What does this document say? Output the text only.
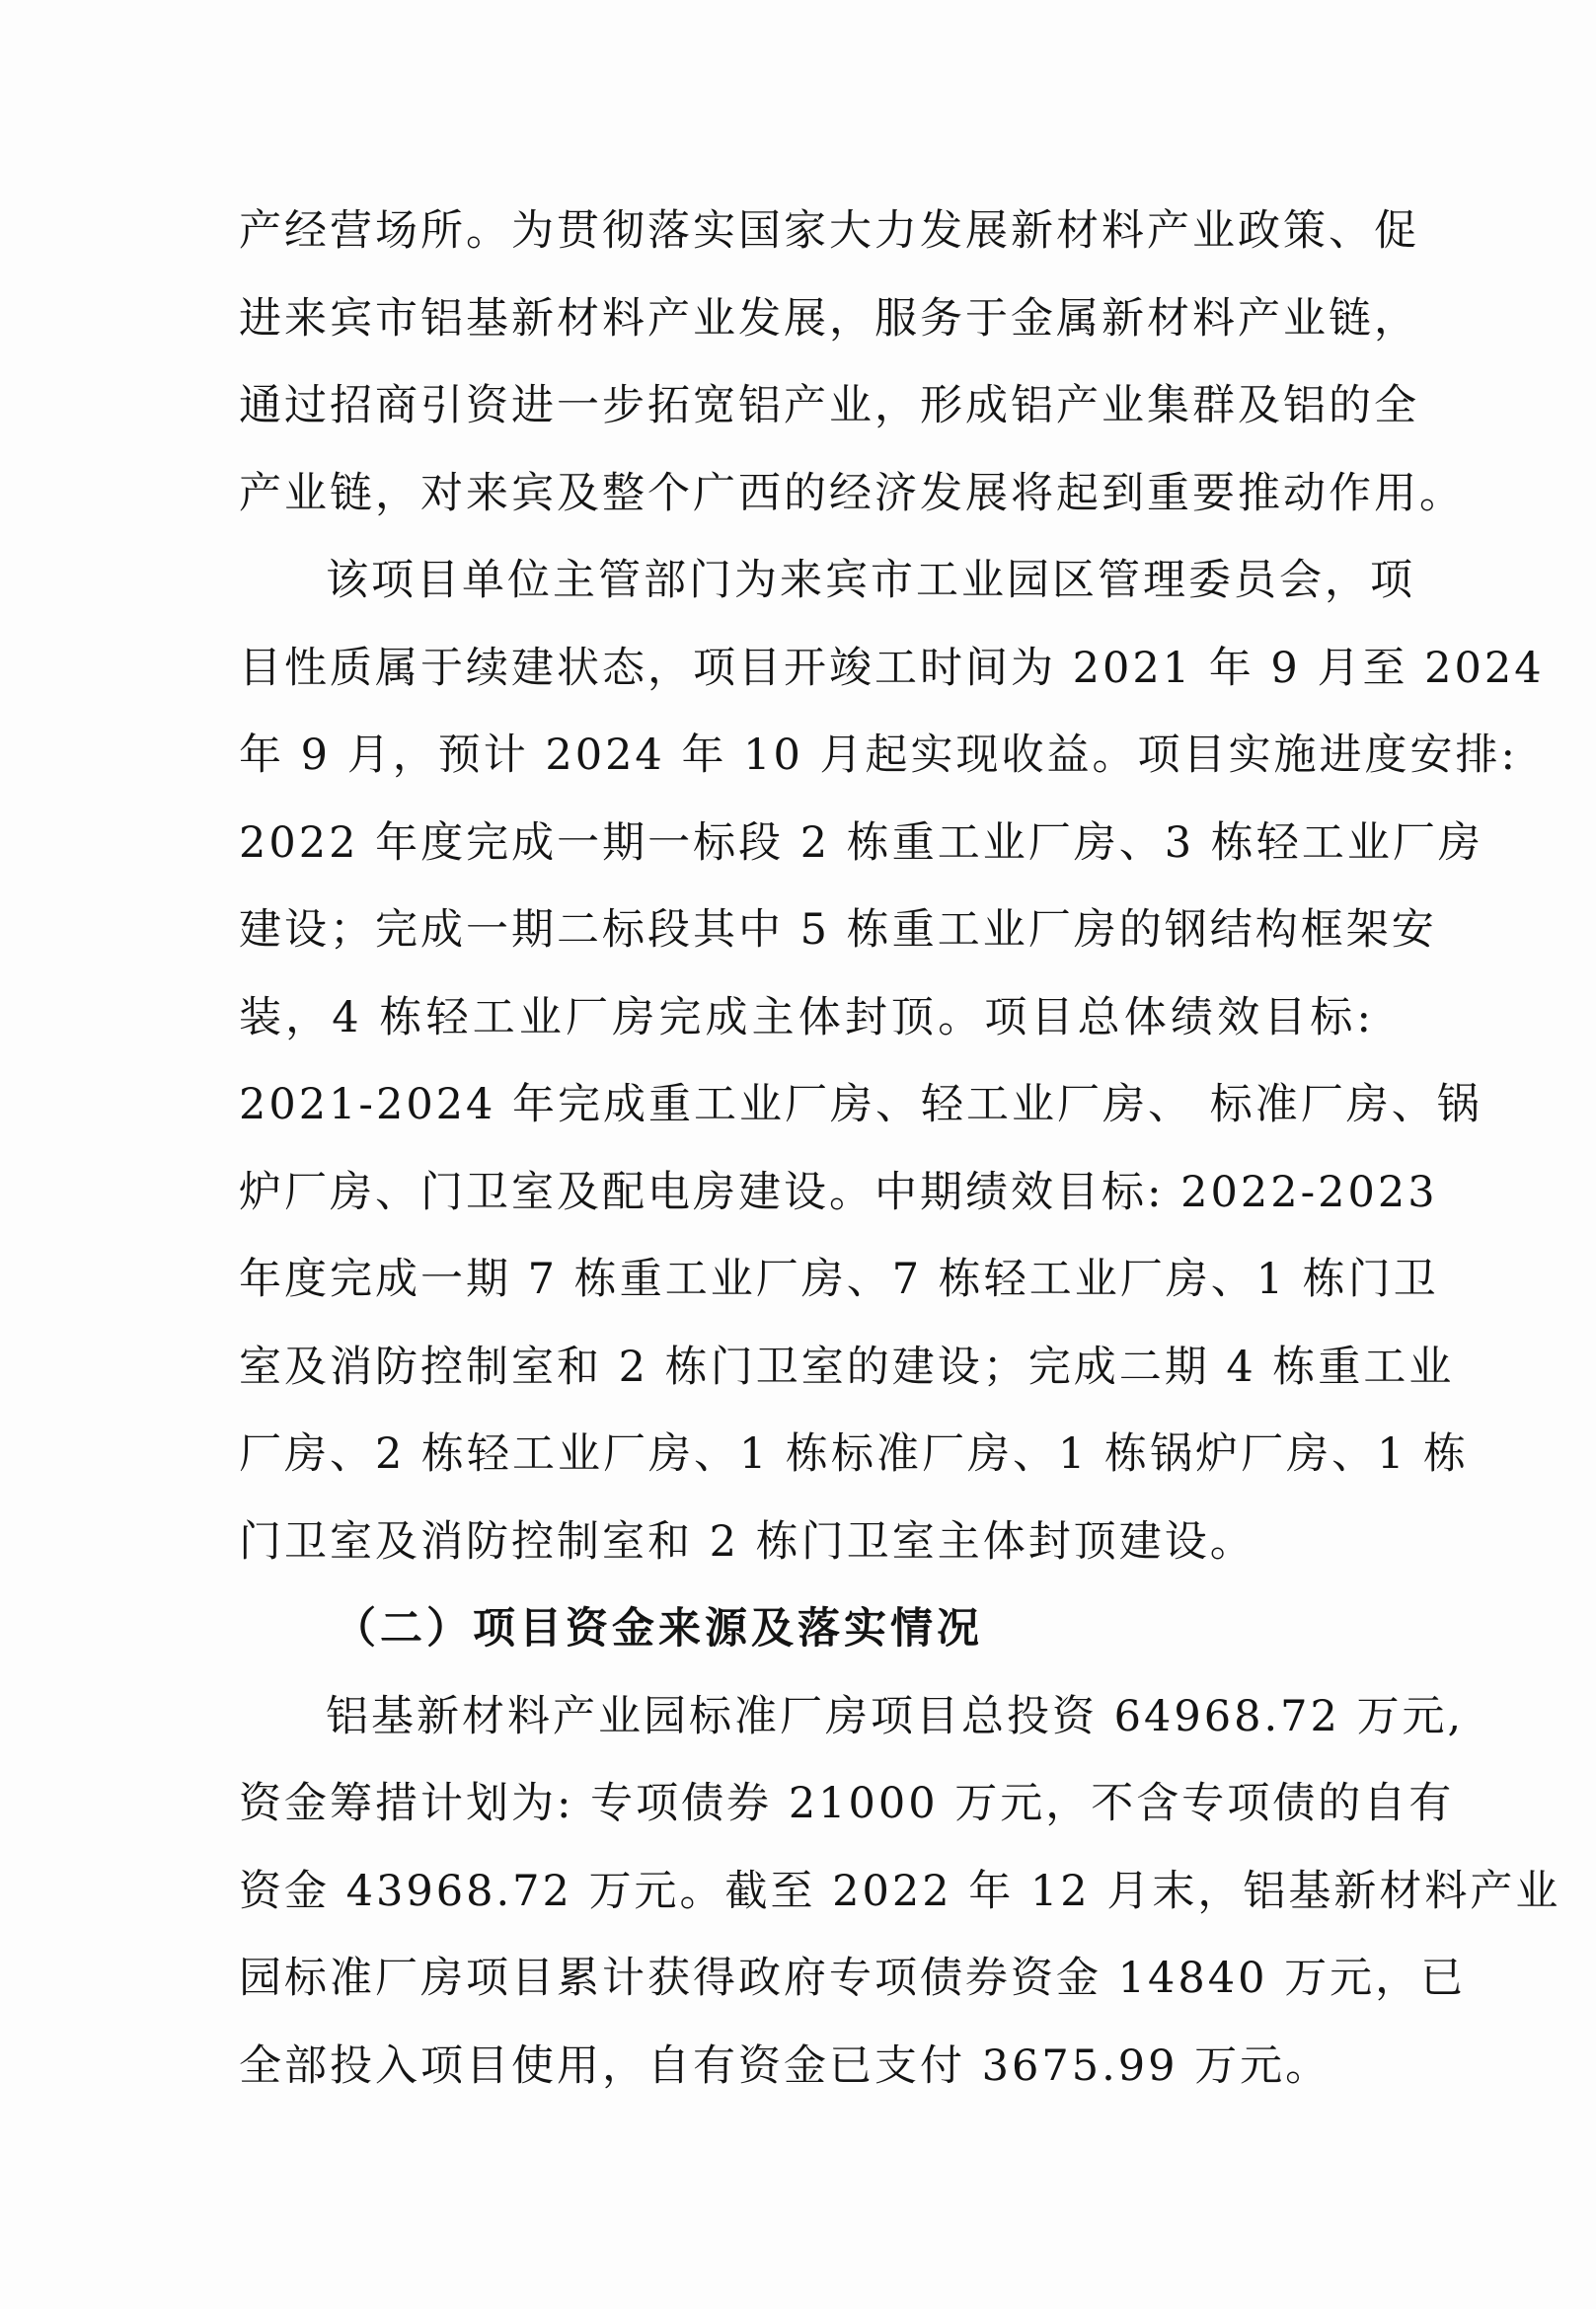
产经营场所。为贯彻落实国家大力发展新材料产业政策、促
进来宾市铝基新材料产业发展，服务于金属新材料产业链，
通过招商引资进一步拓宽铝产业，形成铝产业集群及铝的全
产业链，对来宾及整个广西的经济发展将起到重要推动作用。
该项目单位主管部门为来宾市工业园区管理委员会，项
目性质属于续建状态，项目开竣工时间为 2021 年 9 月至 2024
年 9 月，预计 2024 年 10 月起实现收益。项目实施进度安排:
2022 年度完成一期一标段 2 栋重工业厂房、3 栋轻工业厂房
建设；完成一期二标段其中 5 栋重工业厂房的钢结构框架安
装，4 栋轻工业厂房完成主体封顶。项目总体绩效目标:
2021-2024 年完成重工业厂房、轻工业厂房、 标准厂房、锅
炉厂房、门卫室及配电房建设。中期绩效目标: 2022-2023
年度完成一期 7 栋重工业厂房、7 栋轻工业厂房、1 栋门卫
室及消防控制室和 2 栋门卫室的建设；完成二期 4 栋重工业
厂房、2 栋轻工业厂房、1 栋标准厂房、1 栋锅炉厂房、1 栋
门卫室及消防控制室和 2 栋门卫室主体封顶建设。
（二）项目资金来源及落实情况
铝基新材料产业园标准厂房项目总投资 64968.72 万元,
资金筹措计划为: 专项债券 21000 万元，不含专项债的自有
资金 43968.72 万元。截至 2022 年 12 月末，铝基新材料产业
园标准厂房项目累计获得政府专项债券资金 14840 万元，已
全部投入项目使用，自有资金已支付 3675.99 万元。
